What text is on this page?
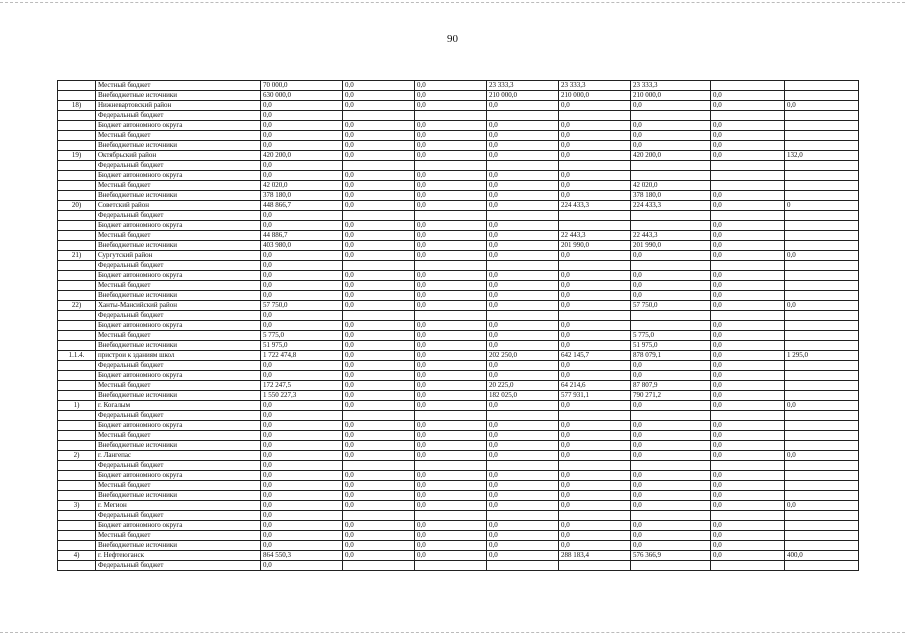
90
	Местный бюджет	70 000,0	0,0	0,0	23 333,3	23 333,3	23 333,3		
	Внебюджетные источники	630 000,0	0,0	0,0	210 000,0	210 000,0	210 000,0	0,0	
18)	Нижневартовский район	0,0	0,0	0,0	0,0	0,0	0,0	0,0	0,0
	Федеральный бюджет	0,0							
	Бюджет автономного округа	0,0	0,0	0,0	0,0	0,0	0,0	0,0	
	Местный бюджет	0,0	0,0	0,0	0,0	0,0	0,0	0,0	
	Внебюджетные источники	0,0	0,0	0,0	0,0	0,0	0,0	0,0	
19)	Октябрьский район	420 200,0	0,0	0,0	0,0	0,0	420 200,0	0,0	132,0
	Федеральный бюджет	0,0							
	Бюджет автономного округа	0,0	0,0	0,0	0,0	0,0			
	Местный бюджет	42 020,0	0,0	0,0	0,0	0,0	42 020,0		
	Внебюджетные источники	378 180,0	0,0	0,0	0,0	0,0	378 180,0	0,0	
20)	Советский район	448 866,7	0,0	0,0	0,0	224 433,3	224 433,3	0,0	0
	Федеральный бюджет	0,0							
	Бюджет автономного округа	0,0	0,0	0,0	0,0			0,0	
	Местный бюджет	44 886,7	0,0	0,0	0,0	22 443,3	22 443,3	0,0	
	Внебюджетные источники	403 980,0	0,0	0,0	0,0	201 990,0	201 990,0	0,0	
21)	Сургутский район	0,0	0,0	0,0	0,0	0,0	0,0	0,0	0,0
	Федеральный бюджет	0,0							
	Бюджет автономного округа	0,0	0,0	0,0	0,0	0,0	0,0	0,0	
	Местный бюджет	0,0	0,0	0,0	0,0	0,0	0,0	0,0	
	Внебюджетные источники	0,0	0,0	0,0	0,0	0,0	0,0	0,0	
22)	Ханты-Мансийский район	57 750,0	0,0	0,0	0,0	0,0	57 750,0	0,0	0,0
	Федеральный бюджет	0,0							
	Бюджет автономного округа	0,0	0,0	0,0	0,0	0,0		0,0	
	Местный бюджет	5 775,0	0,0	0,0	0,0	0,0	5 775,0	0,0	
	Внебюджетные источники	51 975,0	0,0	0,0	0,0	0,0	51 975,0	0,0	
1.1.4.	пристрои к зданиям школ	1 722 474,8	0,0	0,0	202 250,0	642 145,7	878 079,1	0,0	1 295,0
	Федеральный бюджет	0,0	0,0	0,0	0,0	0,0	0,0	0,0	
	Бюджет автономного округа	0,0	0,0	0,0	0,0	0,0	0,0	0,0	
	Местный бюджет	172 247,5	0,0	0,0	20 225,0	64 214,6	87 807,9	0,0	
	Внебюджетные источники	1 550 227,3	0,0	0,0	182 025,0	577 931,1	790 271,2	0,0	
1)	г. Когалым	0,0	0,0	0,0	0,0	0,0	0,0	0,0	0,0
	Федеральный бюджет	0,0							
	Бюджет автономного округа	0,0	0,0	0,0	0,0	0,0	0,0	0,0	
	Местный бюджет	0,0	0,0	0,0	0,0	0,0	0,0	0,0	
	Внебюджетные источники	0,0	0,0	0,0	0,0	0,0	0,0	0,0	
2)	г. Лангепас	0,0	0,0	0,0	0,0	0,0	0,0	0,0	0,0
	Федеральный бюджет	0,0							
	Бюджет автономного округа	0,0	0,0	0,0	0,0	0,0	0,0	0,0	
	Местный бюджет	0,0	0,0	0,0	0,0	0,0	0,0	0,0	
	Внебюджетные источники	0,0	0,0	0,0	0,0	0,0	0,0	0,0	
3)	г. Мегион	0,0	0,0	0,0	0,0	0,0	0,0	0,0	0,0
	Федеральный бюджет	0,0							
	Бюджет автономного округа	0,0	0,0	0,0	0,0	0,0	0,0	0,0	
	Местный бюджет	0,0	0,0	0,0	0,0	0,0	0,0	0,0	
	Внебюджетные источники	0,0	0,0	0,0	0,0	0,0	0,0	0,0	
4)	г. Нефтеюганск	864 550,3	0,0	0,0	0,0	288 183,4	576 366,9	0,0	400,0
	Федеральный бюджет	0,0							
